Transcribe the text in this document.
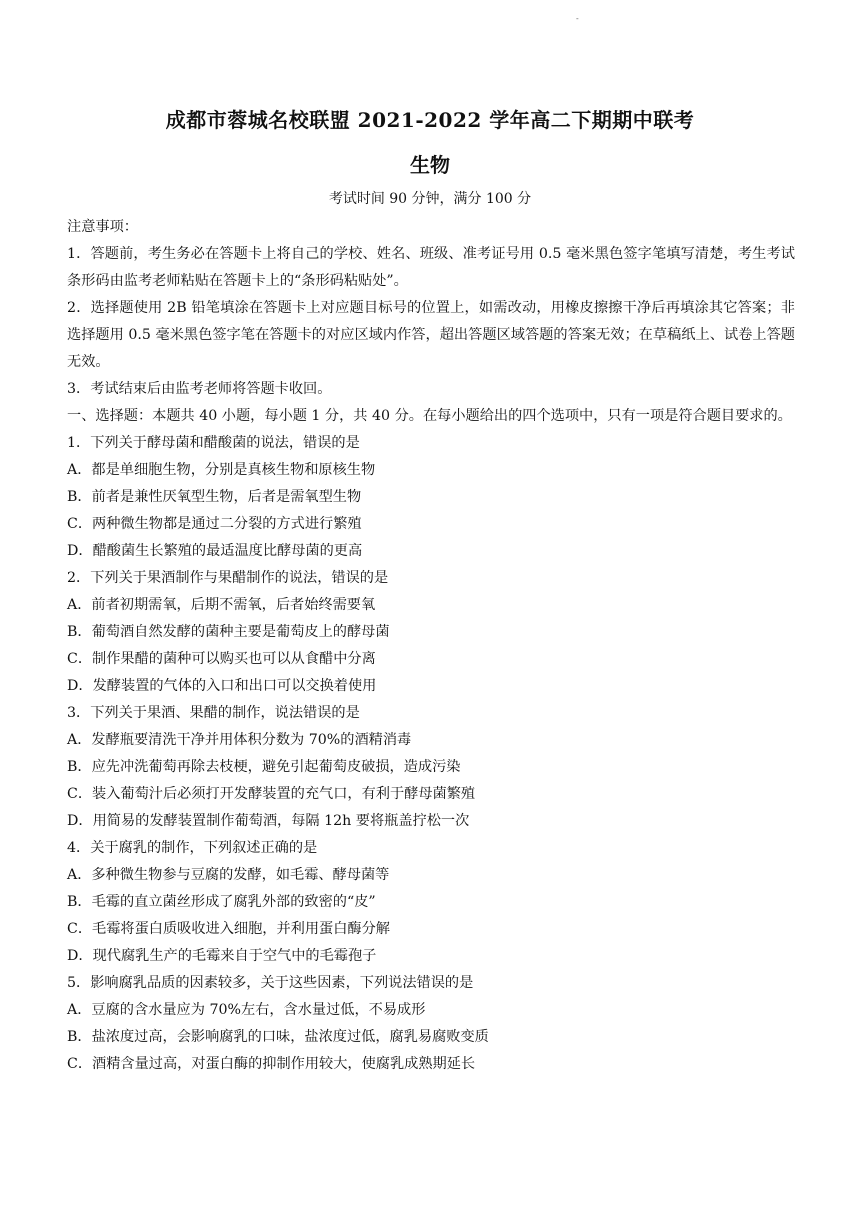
-
成都市蓉城名校联盟 2021-2022 学年高二下期期中联考
生物
考试时间 90 分钟，满分 100 分

注意事项：

1．答题前，考生务必在答题卡上将自己的学校、姓名、班级、准考证号用 0.5 毫米黑色签字笔填写清楚，考生考试条形码由监考老师粘贴在答题卡上的“条形码粘贴处”。

2．选择题使用 2B 铅笔填涂在答题卡上对应题目标号的位置上，如需改动，用橡皮擦擦干净后再填涂其它答案；非选择题用 0.5 毫米黑色签字笔在答题卡的对应区域内作答，超出答题区域答题的答案无效；在草稿纸上、试卷上答题无效。

3．考试结束后由监考老师将答题卡收回。

一、选择题：本题共 40 小题，每小题 1 分，共 40 分。在每小题给出的四个选项中，只有一项是符合题目要求的。

1．下列关于酵母菌和醋酸菌的说法，错误的是

A．都是单细胞生物，分别是真核生物和原核生物

B．前者是兼性厌氧型生物，后者是需氧型生物

C．两种微生物都是通过二分裂的方式进行繁殖

D．醋酸菌生长繁殖的最适温度比酵母菌的更高

2．下列关于果酒制作与果醋制作的说法，错误的是

A．前者初期需氧，后期不需氧，后者始终需要氧

B．葡萄酒自然发酵的菌种主要是葡萄皮上的酵母菌

C．制作果醋的菌种可以购买也可以从食醋中分离

D．发酵装置的气体的入口和出口可以交换着使用

3．下列关于果酒、果醋的制作，说法错误的是

A．发酵瓶要清洗干净并用体积分数为 70%的酒精消毒

B．应先冲洗葡萄再除去枝梗，避免引起葡萄皮破损，造成污染

C．装入葡萄汁后必须打开发酵装置的充气口，有利于酵母菌繁殖

D．用简易的发酵装置制作葡萄酒，每隔 12h 要将瓶盖拧松一次

4．关于腐乳的制作，下列叙述正确的是

A．多种微生物参与豆腐的发酵，如毛霉、酵母菌等

B．毛霉的直立菌丝形成了腐乳外部的致密的“皮”

C．毛霉将蛋白质吸收进入细胞，并利用蛋白酶分解

D．现代腐乳生产的毛霉来自于空气中的毛霉孢子

5．影响腐乳品质的因素较多，关于这些因素，下列说法错误的是

A．豆腐的含水量应为 70%左右，含水量过低，不易成形

B．盐浓度过高，会影响腐乳的口味，盐浓度过低，腐乳易腐败变质

C．酒精含量过高，对蛋白酶的抑制作用较大，使腐乳成熟期延长
